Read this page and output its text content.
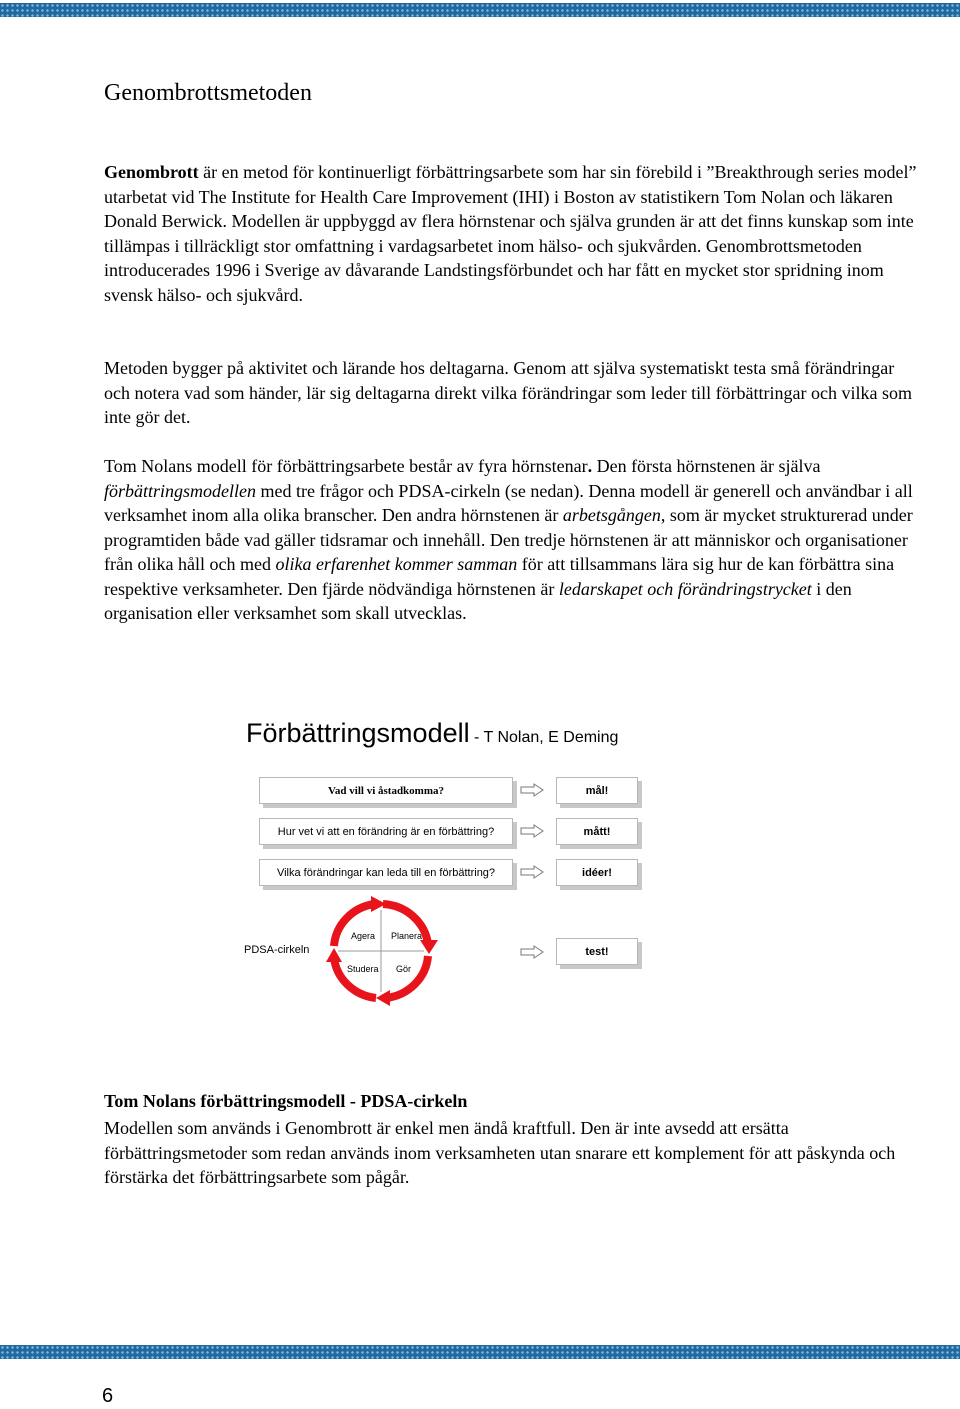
Genombrottsmetoden

Genombrott är en metod för kontinuerligt förbättringsarbete som har sin förebild i ”Breakthrough series model” utarbetat vid The Institute for Health Care Improvement (IHI) i Boston av statistikern Tom Nolan och läkaren Donald Berwick. Modellen är uppbyggd av flera hörnstenar och själva grunden är att det finns kunskap som inte tillämpas i tillräckligt stor omfattning i vardagsarbetet inom hälso- och sjukvården. Genombrottsmetoden introducerades 1996 i Sverige av dåvarande Landstingsförbundet och har fått en mycket stor spridning inom svensk hälso- och sjukvård.

Metoden bygger på aktivitet och lärande hos deltagarna. Genom att själva systematiskt testa små förändringar och notera vad som händer, lär sig deltagarna direkt vilka förändringar som leder till förbättringar och vilka som inte gör det.

Tom Nolans modell för förbättringsarbete består av fyra hörnstenar. Den första hörnstenen är själva förbättringsmodellen med tre frågor och PDSA-cirkeln (se nedan). Denna modell är generell och användbar i all verksamhet inom alla olika branscher. Den andra hörnstenen är arbetsgången, som är mycket strukturerad under programtiden både vad gäller tidsramar och innehåll. Den tredje hörnstenen är att människor och organisationer från olika håll och med olika erfarenhet kommer samman för att tillsammans lära sig hur de kan förbättra sina respektive verksamheter. Den fjärde nödvändiga hörnstenen är ledarskapet och förändringstrycket i den organisation eller verksamhet som skall utvecklas.

Förbättringsmodell - T Nolan, E Deming
Vad vill vi åstadkomma?
Hur vet vi att en förändring är en förbättring?
Vilka förändringar kan leda till en förbättring?
mål!
mått!
idéer!
test!
PDSA-cirkeln
Agera Planera
Studera Gör
Tom Nolans förbättringsmodell - PDSA-cirkeln

Modellen som används i Genombrott är enkel men ändå kraftfull. Den är inte avsedd att ersätta förbättringsmetoder som redan används inom verksamheten utan snarare ett komplement för att påskynda och förstärka det förbättringsarbete som pågår.

6
